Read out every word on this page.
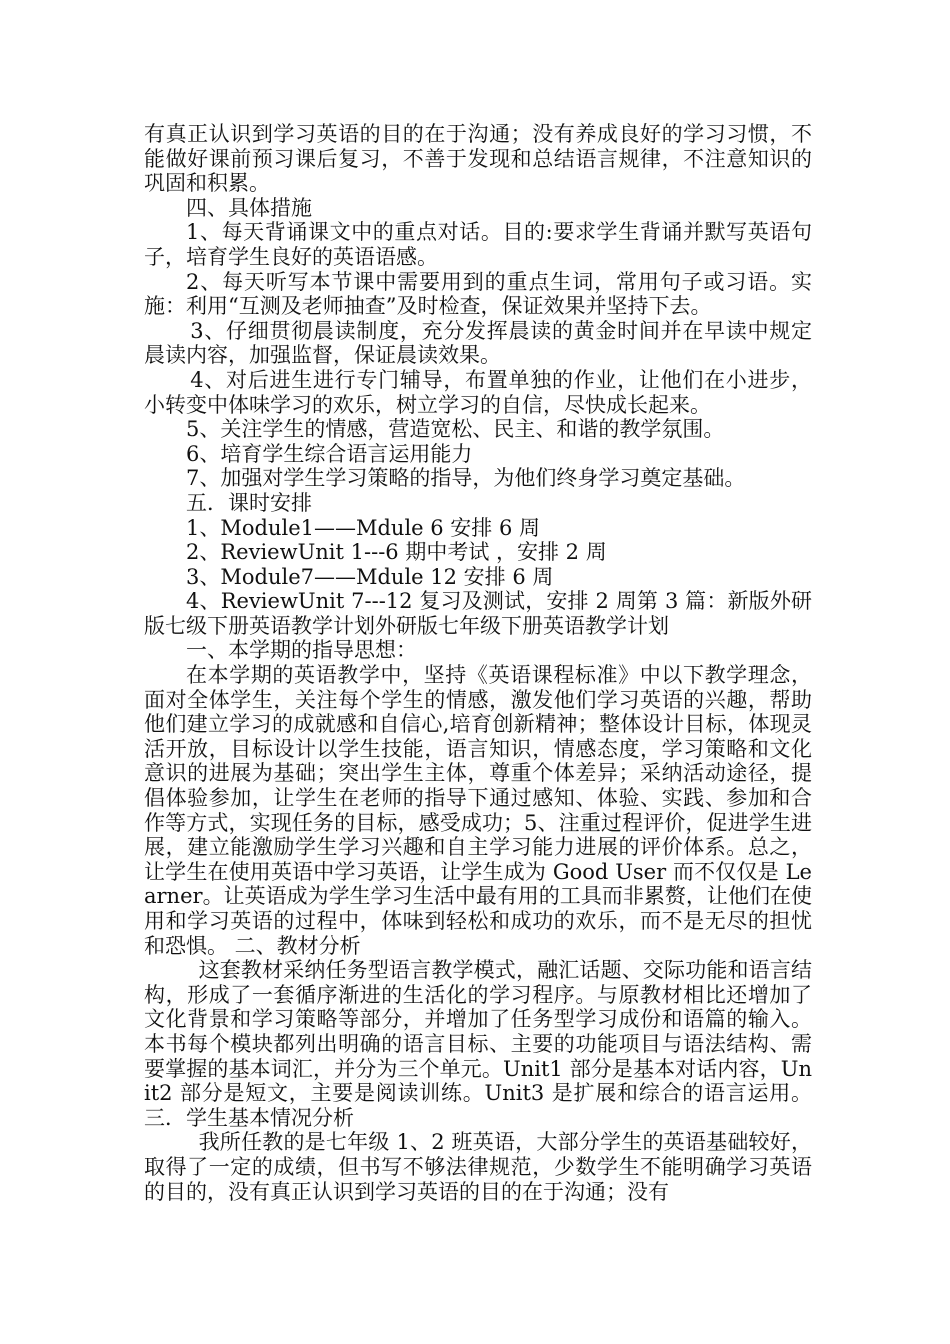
有真正认识到学习英语的目的在于沟通；没有养成良好的学习习惯，不能做好课前预习课后复习，不善于发现和总结语言规律，不注意知识的巩固和积累。

四、具体措施

1、每天背诵课文中的重点对话。目的:要求学生背诵并默写英语句子，培育学生良好的英语语感。

2、每天听写本节课中需要用到的重点生词，常用句子或习语。实施：利用“互测及老师抽查”及时检查，保证效果并坚持下去。

3、仔细贯彻晨读制度，充分发挥晨读的黄金时间并在早读中规定晨读内容，加强监督，保证晨读效果。

4、对后进生进行专门辅导，布置单独的作业，让他们在小进步，小转变中体味学习的欢乐，树立学习的自信，尽快成长起来。

5、关注学生的情感，营造宽松、民主、和谐的教学氛围。

6、培育学生综合语言运用能力

7、加强对学生学习策略的指导，为他们终身学习奠定基础。

五．课时安排

1、Module1——Mdule 6 安排 6 周

2、ReviewUnit 1---6 期中考试 ，安排 2 周

3、Module7——Mdule 12 安排 6 周

4、ReviewUnit 7---12 复习及测试，安排 2 周第 3 篇：新版外研版七级下册英语教学计划外研版七年级下册英语教学计划

一、本学期的指导思想：

在本学期的英语教学中，坚持《英语课程标准》中以下教学理念，面对全体学生，关注每个学生的情感，激发他们学习英语的兴趣，帮助他们建立学习的成就感和自信心,培育创新精神；整体设计目标，体现灵活开放，目标设计以学生技能，语言知识，情感态度，学习策略和文化意识的进展为基础；突出学生主体，尊重个体差异；采纳活动途径，提倡体验参加，让学生在老师的指导下通过感知、体验、实践、参加和合作等方式，实现任务的目标，感受成功；5、注重过程评价，促进学生进展，建立能激励学生学习兴趣和自主学习能力进展的评价体系。总之，让学生在使用英语中学习英语，让学生成为 Good User 而不仅仅是 Learner。让英语成为学生学习生活中最有用的工具而非累赘，让他们在使用和学习英语的过程中，体味到轻松和成功的欢乐，而不是无尽的担忧和恐惧。 二、教材分析

这套教材采纳任务型语言教学模式，融汇话题、交际功能和语言结构，形成了一套循序渐进的生活化的学习程序。与原教材相比还增加了文化背景和学习策略等部分，并增加了任务型学习成份和语篇的输入。本书每个模块都列出明确的语言目标、主要的功能项目与语法结构、需要掌握的基本词汇，并分为三个单元。Unit1 部分是基本对话内容，Unit2 部分是短文，主要是阅读训练。Unit3 是扩展和综合的语言运用。 三．学生基本情况分析

我所任教的是七年级 1、2 班英语，大部分学生的英语基础较好，取得了一定的成绩，但书写不够法律规范，少数学生不能明确学习英语的目的，没有真正认识到学习英语的目的在于沟通；没有
